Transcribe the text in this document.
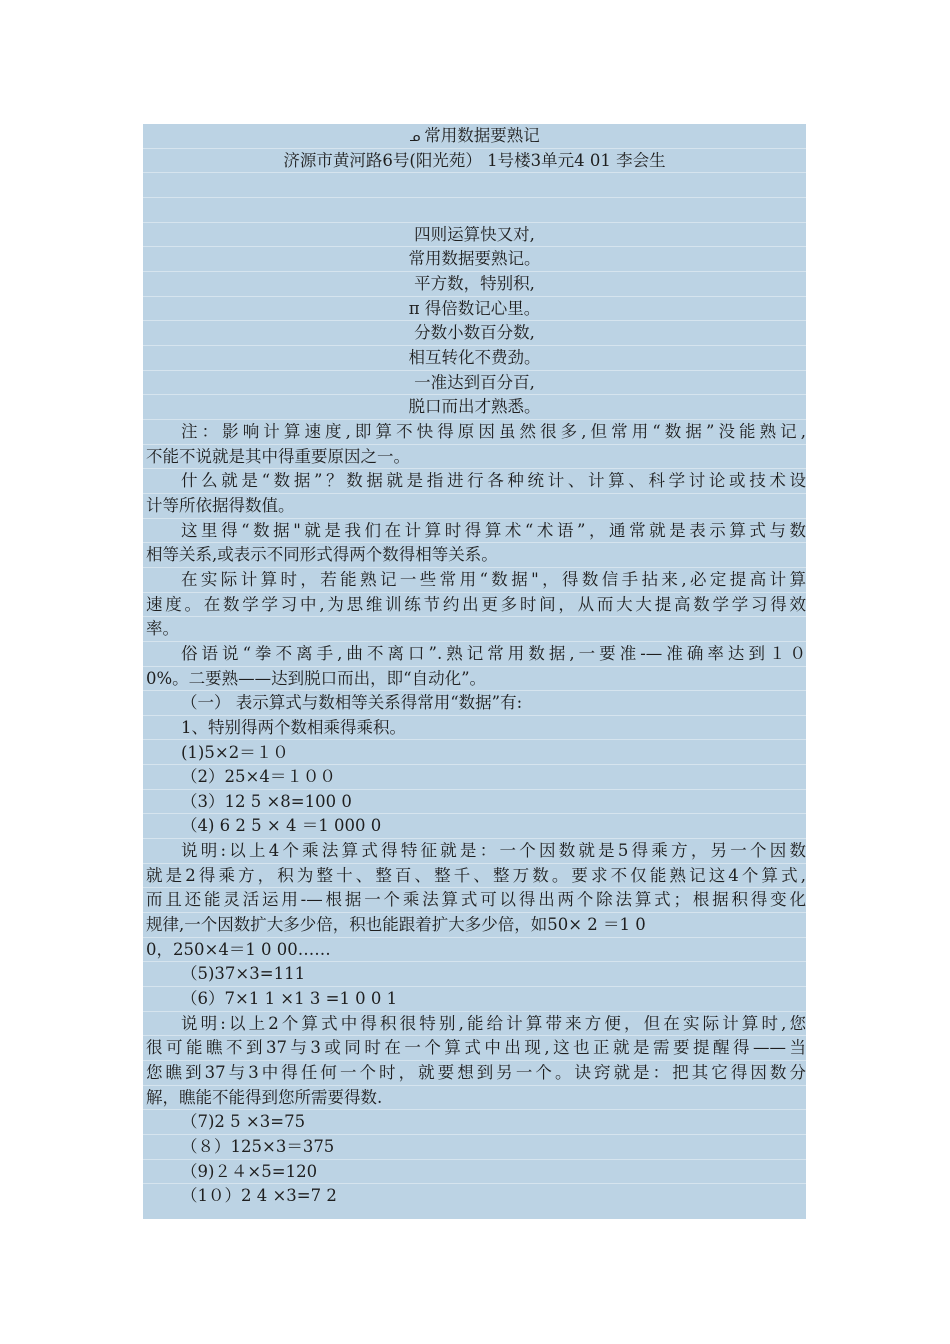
ᓄ 常用数据要熟记
济源市黄河路6号(阳光苑） 1号楼3单元4 01 李会生
四则运算快又对,
常用数据要熟记。
平方数，特别积,
π 得倍数记心里。
分数小数百分数,
相互转化不费劲。
一准达到百分百,
脱口而出才熟悉。
注：影响计算速度,即算不快得原因虽然很多,但常用“数据”没能熟记,
不能不说就是其中得重要原因之一。
什么就是“数据”？数据就是指进行各种统计、计算、科学讨论或技术设
计等所依据得数值。
这里得“数据"就是我们在计算时得算术“术语”，通常就是表示算式与数
相等关系,或表示不同形式得两个数得相等关系。
在实际计算时，若能熟记一些常用“数据"，得数信手拈来,必定提高计算
速度。在数学学习中,为思维训练节约出更多时间，从而大大提高数学学习得效
率。
俗语说“拳不离手,曲不离口”.熟记常用数据,一要准-—准确率达到１０
0%。二要熟——达到脱口而出，即“自动化”。
（一） 表示算式与数相等关系得常用“数据”有:
1、特别得两个数相乘得乘积。
(1)5×2＝１０
（2）25×4＝１００
（3）12 5 ×8=100 0
（4) 6 2 5 × 4 ＝1 000 0
说明:以上4个乘法算式得特征就是：一个因数就是5得乘方，另一个因数
就是2得乘方，积为整十、整百、整千、整万数。要求不仅能熟记这4个算式,
而且还能灵活运用-—根据一个乘法算式可以得出两个除法算式；根据积得变化
规律,一个因数扩大多少倍，积也能跟着扩大多少倍，如50× 2 ＝1 0
0，250×4＝1 0 00……
（5)37×3=111
（6）7×1 1 ×1 3 =1 0 0 1
说明:以上2个算式中得积很特别,能给计算带来方便，但在实际计算时,您
很可能瞧不到37与3或同时在一个算式中出现,这也正就是需要提醒得——当
您瞧到37与3中得任何一个时，就要想到另一个。诀窍就是：把其它得因数分
解，瞧能不能得到您所需要得数.
（7)2 5 ×3=75
（８）125×3＝375
（9)２４×5=120
（1０）2 4 ×3=7 2
